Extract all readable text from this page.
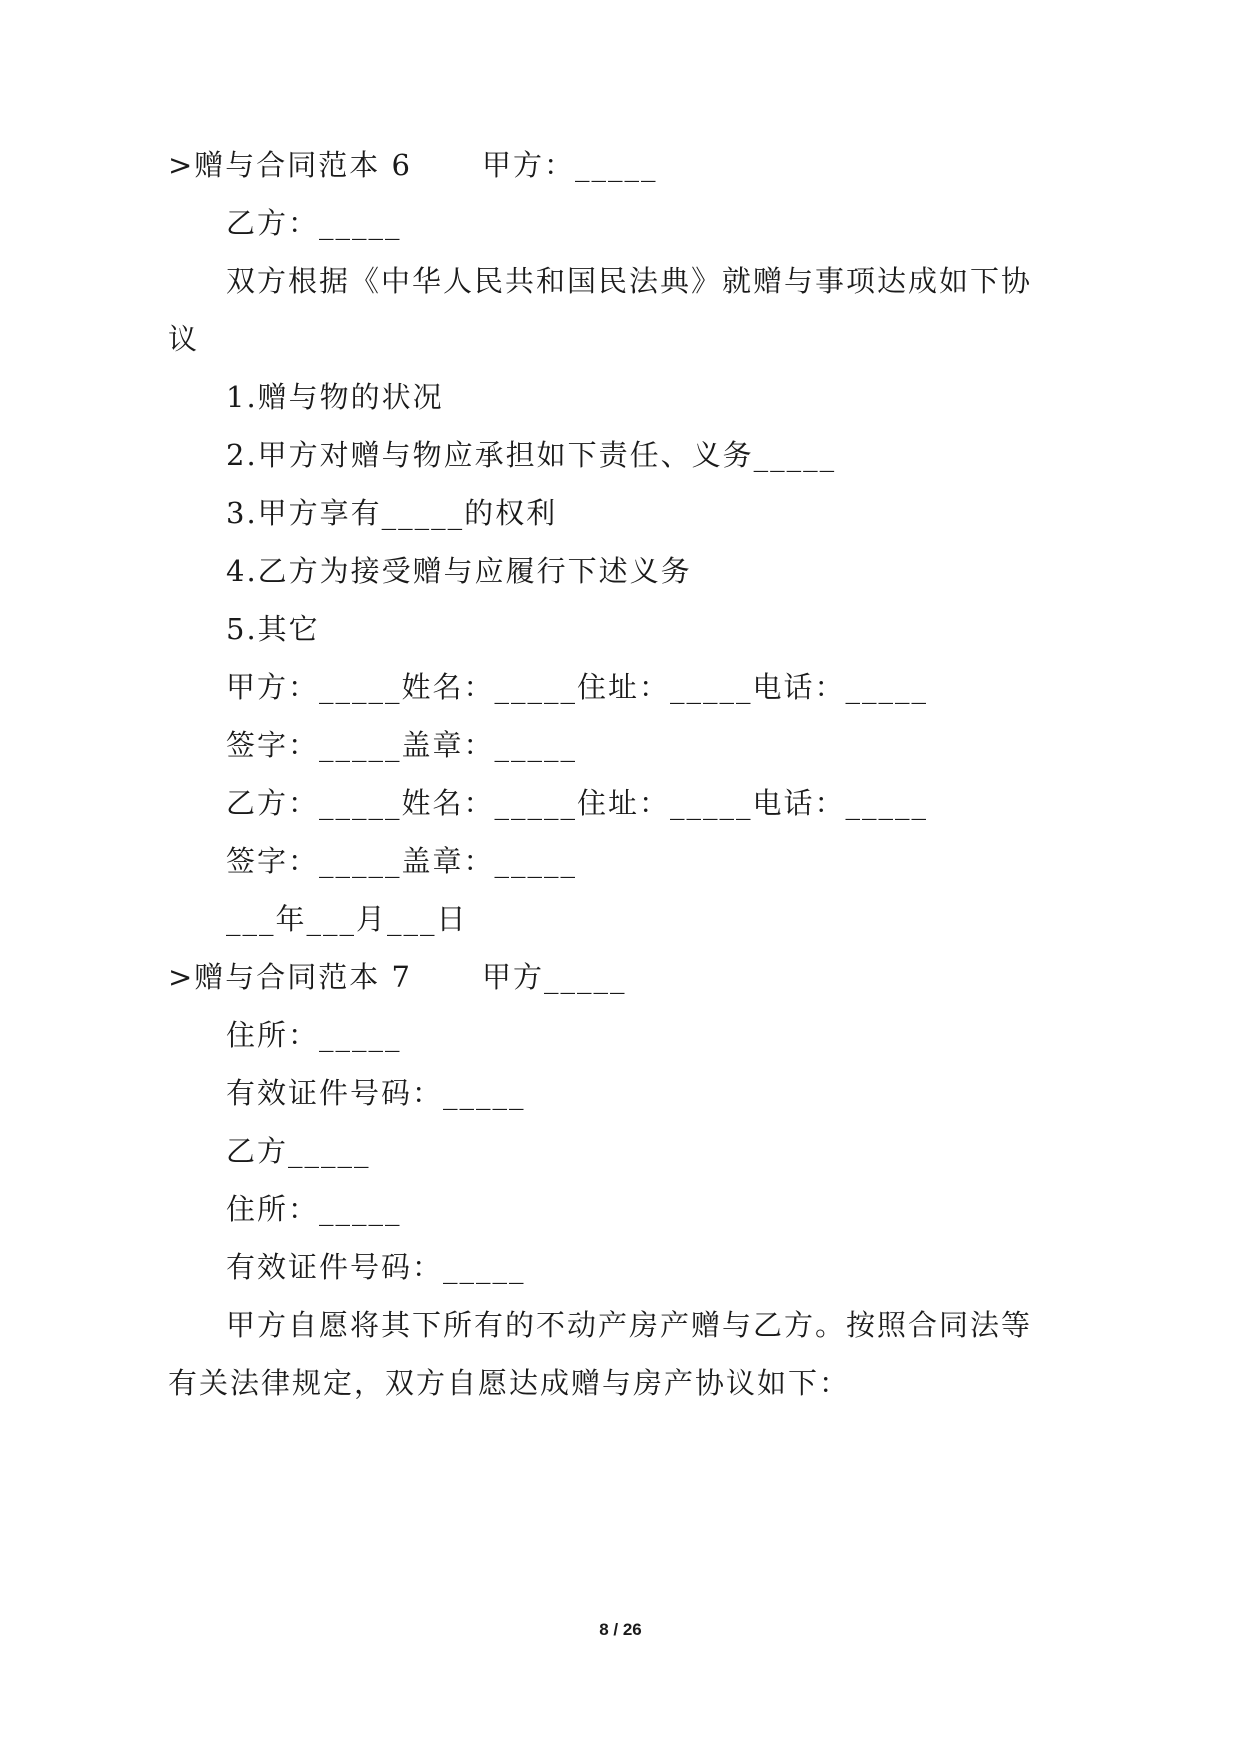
>赠与合同范本 6 甲方：_____
乙方：_____
双方根据《中华人民共和国民法典》就赠与事项达成如下协
议
1.赠与物的状况
2.甲方对赠与物应承担如下责任、义务_____
3.甲方享有_____的权利
4.乙方为接受赠与应履行下述义务
5.其它
甲方：_____姓名：_____住址：_____电话：_____
签字：_____盖章：_____
乙方：_____姓名：_____住址：_____电话：_____
签字：_____盖章：_____
___年___月___日
>赠与合同范本 7 甲方_____
住所：_____
有效证件号码：_____
乙方_____
住所：_____
有效证件号码：_____
甲方自愿将其下所有的不动产房产赠与乙方。按照合同法等
有关法律规定，双方自愿达成赠与房产协议如下：
8 / 26
